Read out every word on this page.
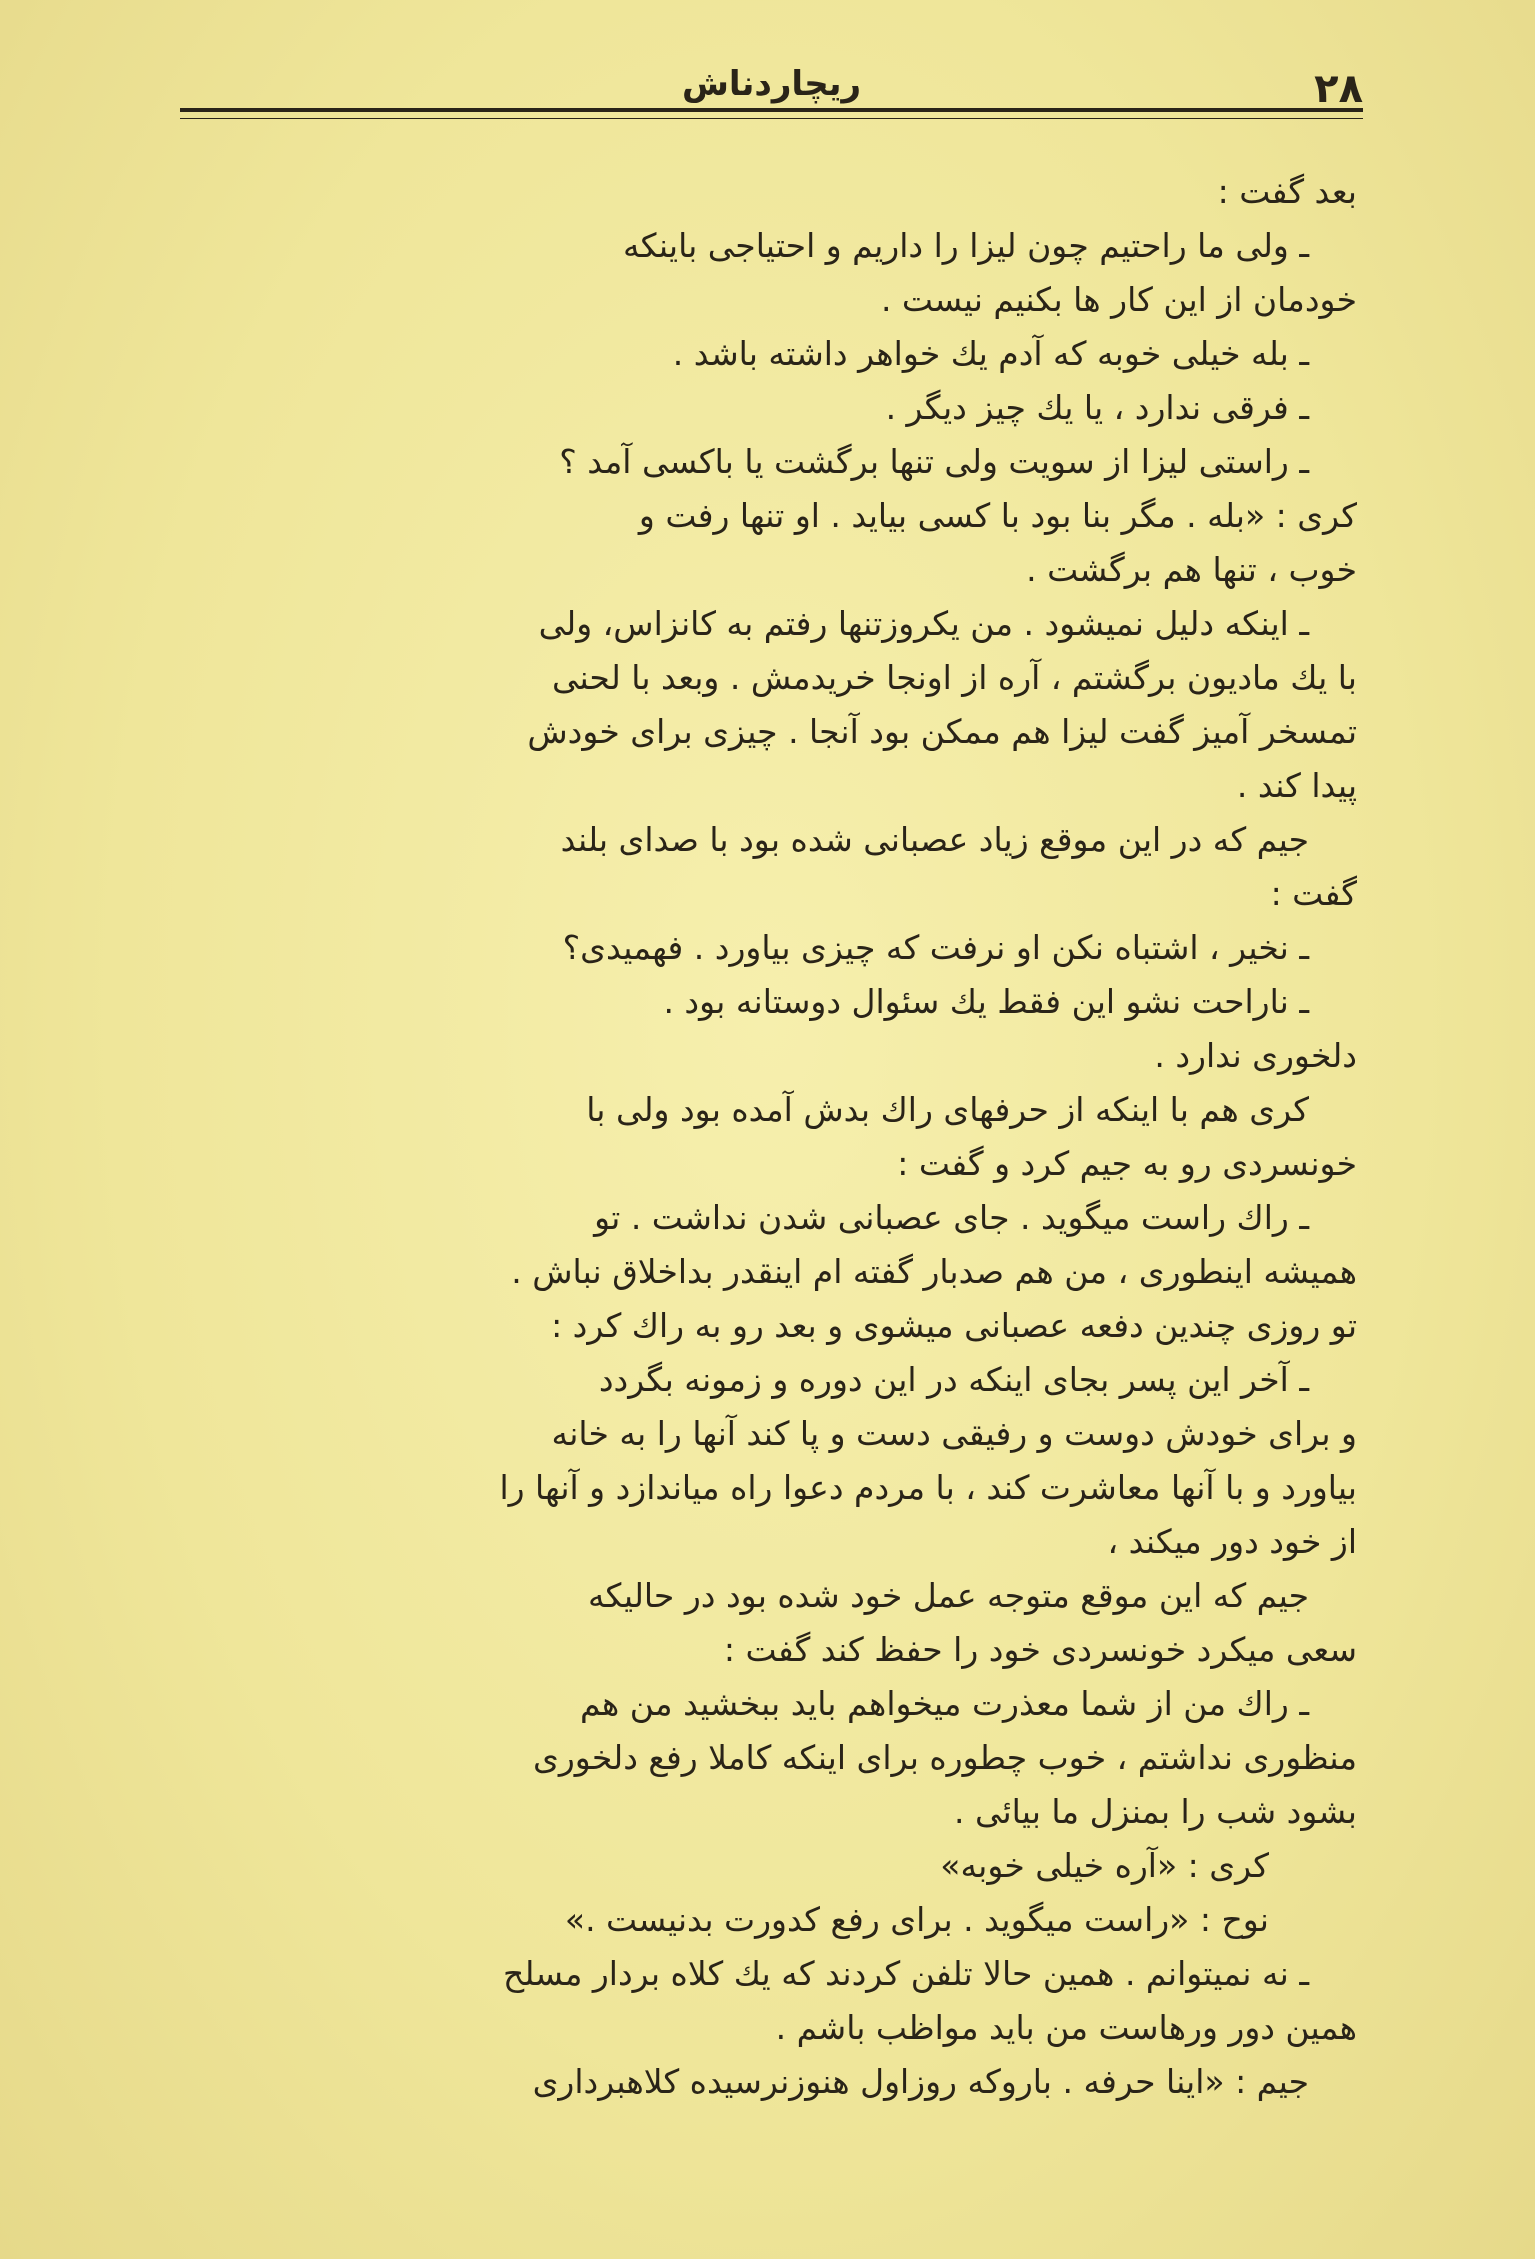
۲۸
ریچاردناش
بعد گفت :
ـ ولی ما راحتیم چون لیزا را داریم و احتیاجی باینکه
خودمان از این کار ها بکنیم نیست .
ـ بله خیلی خوبه که آدم یك خواهر داشته باشد .
ـ فرقی ندارد ، یا یك چیز دیگر .
ـ راستی لیزا از سویت ولی تنها برگشت یا باکسی آمد ؟
کری : «بله . مگر بنا بود با کسی بیاید . او تنها رفت و
خوب ، تنها هم برگشت .
ـ اینکه دلیل نمیشود . من یکروزتنها رفتم به کانزاس، ولی
با یك مادیون برگشتم ، آره از اونجا خریدمش . وبعد با لحنی
تمسخر آمیز گفت لیزا هم ممکن بود آنجا . چیزی برای خودش
پیدا کند .
جیم که در این موقع زیاد عصبانی شده بود با صدای بلند
گفت :
ـ نخیر ، اشتباه نکن او نرفت که چیزی بیاورد . فهمیدی؟
ـ ناراحت نشو این فقط یك سئوال دوستانه بود .
دلخوری ندارد .
کری هم با اینکه از حرفهای راك بدش آمده بود ولی با
خونسردی رو به جیم کرد و گفت :
ـ راك راست میگوید . جای عصبانی شدن نداشت . تو
همیشه اینطوری ، من هم صدبار گفته ام اینقدر بداخلاق نباش .
تو روزی چندین دفعه عصبانی میشوی و بعد رو به راك کرد :
ـ آخر این پسر بجای اینکه در این دوره و زمونه بگردد
و برای خودش دوست و رفیقی دست و پا کند آنها را به خانه
بیاورد و با آنها معاشرت کند ، با مردم دعوا راه میاندازد و آنها را
از خود دور میکند ،
جیم که این موقع متوجه عمل خود شده بود در حالیکه
سعی میکرد خونسردی خود را حفظ کند گفت :
ـ راك من از شما معذرت میخواهم باید ببخشید من هم
منظوری نداشتم ، خوب چطوره برای اینکه کاملا رفع دلخوری
بشود شب را بمنزل ما بیائی .
کری : «آره خیلی خوبه»
نوح : «راست میگوید . برای رفع کدورت بدنیست .»
ـ نه نمیتوانم . همین حالا تلفن کردند که یك کلاه بردار مسلح
همین دور ورهاست من باید مواظب باشم .
جیم : «اینا حرفه . باروکه روزاول هنوزنرسیده کلاهبرداری
